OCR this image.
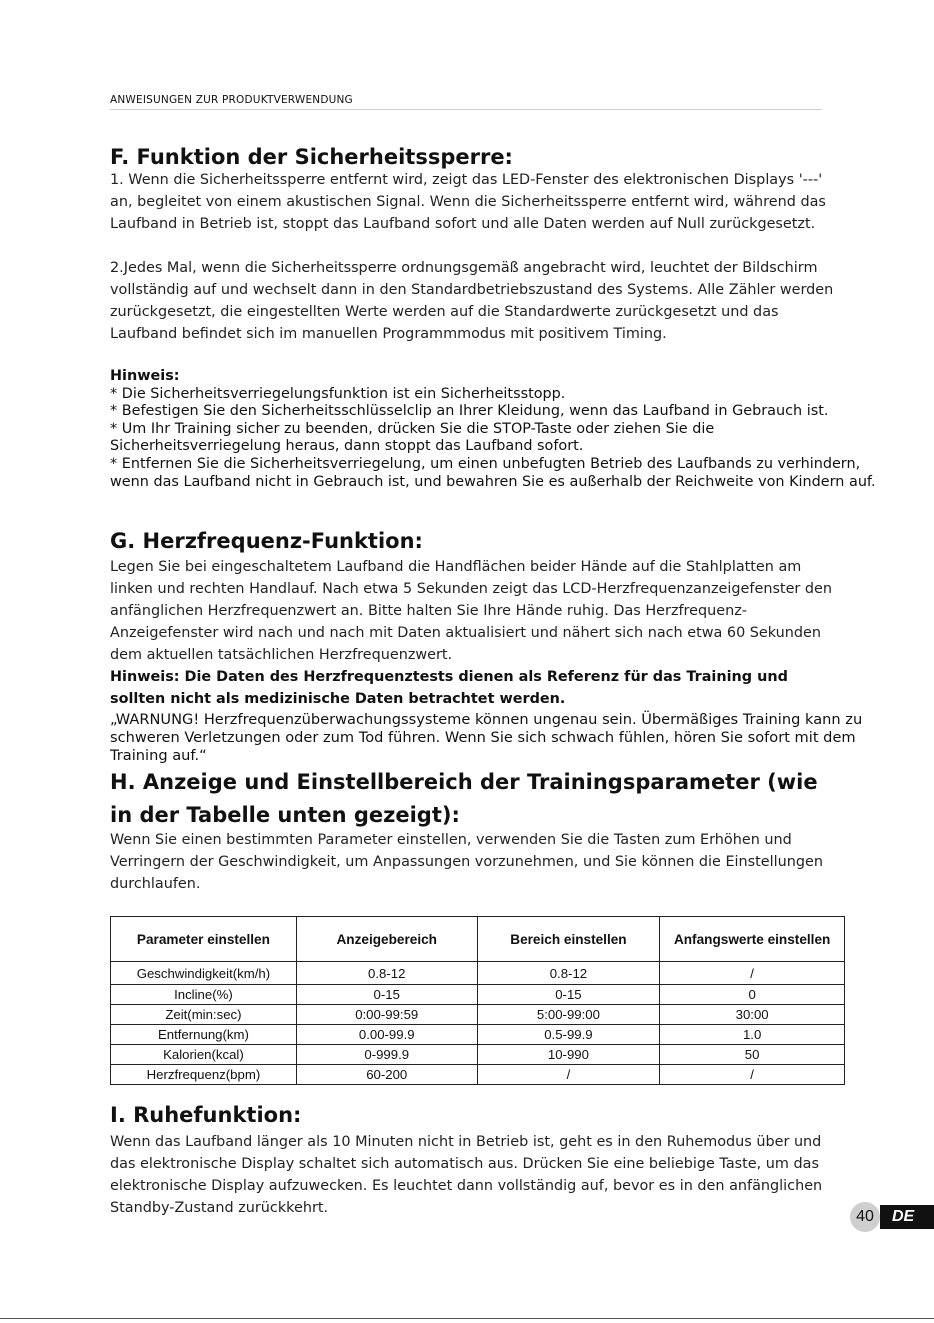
ANWEISUNGEN ZUR PRODUKTVERWENDUNG
F. Funktion der Sicherheitssperre:

1. Wenn die Sicherheitssperre entfernt wird, zeigt das LED-Fenster des elektronischen Displays '---' an, begleitet von einem akustischen Signal. Wenn die Sicherheitssperre entfernt wird, während das Laufband in Betrieb ist, stoppt das Laufband sofort und alle Daten werden auf Null zurückgesetzt.

2.Jedes Mal, wenn die Sicherheitssperre ordnungsgemäß angebracht wird, leuchtet der Bildschirm vollständig auf und wechselt dann in den Standardbetriebszustand des Systems. Alle Zähler werden zurückgesetzt, die eingestellten Werte werden auf die Standardwerte zurückgesetzt und das Laufband befindet sich im manuellen Programmmodus mit positivem Timing.

Hinweis:

* Die Sicherheitsverriegelungsfunktion ist ein Sicherheitsstopp.

* Befestigen Sie den Sicherheitsschlüsselclip an Ihrer Kleidung, wenn das Laufband in Gebrauch ist.

* Um Ihr Training sicher zu beenden, drücken Sie die STOP-Taste oder ziehen Sie die Sicherheitsverriegelung heraus, dann stoppt das Laufband sofort.

* Entfernen Sie die Sicherheitsverriegelung, um einen unbefugten Betrieb des Laufbands zu verhindern, wenn das Laufband nicht in Gebrauch ist, und bewahren Sie es außerhalb der Reichweite von Kindern auf.

G. Herzfrequenz-Funktion:

Legen Sie bei eingeschaltetem Laufband die Handflächen beider Hände auf die Stahlplatten am linken und rechten Handlauf. Nach etwa 5 Sekunden zeigt das LCD-Herzfrequenzanzeigefenster den anfänglichen Herzfrequenzwert an. Bitte halten Sie Ihre Hände ruhig. Das Herzfrequenz-Anzeigefenster wird nach und nach mit Daten aktualisiert und nähert sich nach etwa 60 Sekunden dem aktuellen tatsächlichen Herzfrequenzwert.

Hinweis: Die Daten des Herzfrequenztests dienen als Referenz für das Training und sollten nicht als medizinische Daten betrachtet werden.

„WARNUNG! Herzfrequenzüberwachungssysteme können ungenau sein. Übermäßiges Training kann zu schweren Verletzungen oder zum Tod führen. Wenn Sie sich schwach fühlen, hören Sie sofort mit dem Training auf.“

H. Anzeige und Einstellbereich der Trainingsparameter (wie in der Tabelle unten gezeigt):

Wenn Sie einen bestimmten Parameter einstellen, verwenden Sie die Tasten zum Erhöhen und Verringern der Geschwindigkeit, um Anpassungen vorzunehmen, und Sie können die Einstellungen durchlaufen.

Parameter einstellen	Anzeigebereich	Bereich einstellen	Anfangswerte einstellen
Geschwindigkeit(km/h)	0.8-12	0.8-12	/
Incline(%)	0-15	0-15	0
Zeit(min:sec)	0:00-99:59	5:00-99:00	30:00
Entfernung(km)	0.00-99.9	0.5-99.9	1.0
Kalorien(kcal)	0-999.9	10-990	50
Herzfrequenz(bpm)	60-200	/	/
I. Ruhefunktion:

Wenn das Laufband länger als 10 Minuten nicht in Betrieb ist, geht es in den Ruhemodus über und das elektronische Display schaltet sich automatisch aus. Drücken Sie eine beliebige Taste, um das elektronische Display aufzuwecken. Es leuchtet dann vollständig auf, bevor es in den anfänglichen Standby-Zustand zurückkehrt.	40	DE
